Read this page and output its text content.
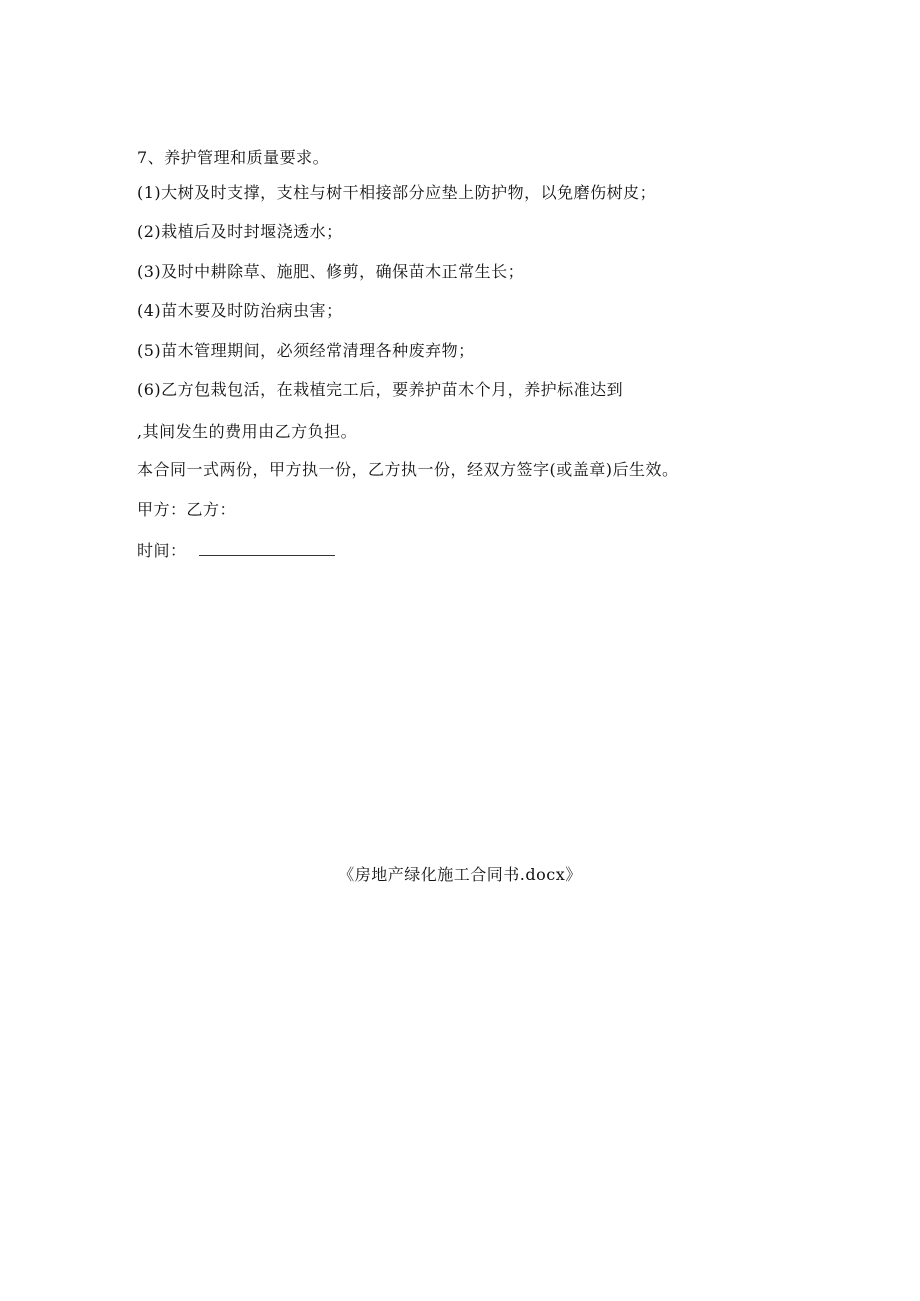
7、养护管理和质量要求。
(1)大树及时支撑，支柱与树干相接部分应垫上防护物，以免磨伤树皮；
(2)栽植后及时封堰浇透水；
(3)及时中耕除草、施肥、修剪，确保苗木正常生长；
(4)苗木要及时防治病虫害；
(5)苗木管理期间，必须经常清理各种废弃物；
(6)乙方包栽包活，在栽植完工后，要养护苗木个月，养护标准达到
,其间发生的费用由乙方负担。
本合同一式两份，甲方执一份，乙方执一份，经双方签字(或盖章)后生效。
甲方：乙方：
时间：
《房地产绿化施工合同书.docx》
